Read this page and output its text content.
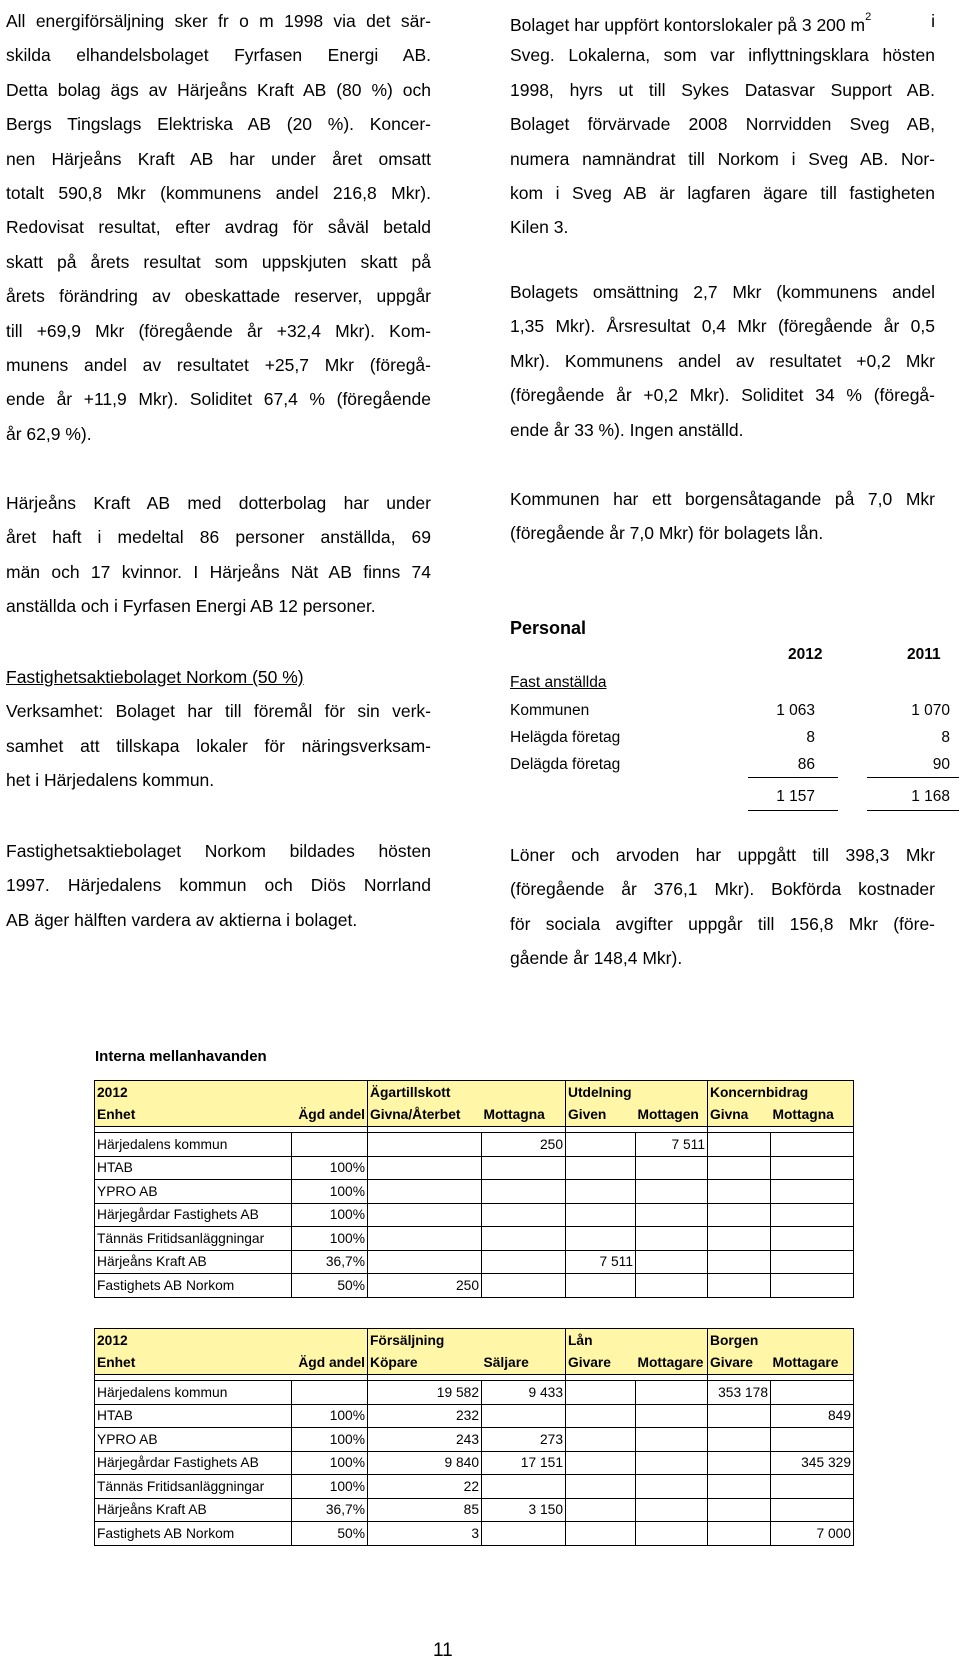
All energiförsäljning sker fr o m 1998 via det sär-
skilda elhandelsbolaget Fyrfasen Energi AB.
Detta bolag ägs av Härjeåns Kraft AB (80 %) och
Bergs Tingslags Elektriska AB (20 %). Koncer-
nen Härjeåns Kraft AB har under året omsatt
totalt 590,8 Mkr (kommunens andel 216,8 Mkr).
Redovisat resultat, efter avdrag för såväl betald
skatt på årets resultat som uppskjuten skatt på
årets förändring av obeskattade reserver, uppgår
till +69,9 Mkr (föregående år +32,4 Mkr). Kom-
munens andel av resultatet +25,7 Mkr (föregå-
ende år +11,9 Mkr). Soliditet 67,4 % (föregående
år 62,9 %).
Härjeåns Kraft AB med dotterbolag har under
året haft i medeltal 86 personer anställda, 69
män och 17 kvinnor. I Härjeåns Nät AB finns 74
anställda och i Fyrfasen Energi AB 12 personer.
Fastighetsaktiebolaget Norkom (50 %)
Verksamhet: Bolaget har till föremål för sin verk-
samhet att tillskapa lokaler för näringsverksam-
het i Härjedalens kommun.
Fastighetsaktiebolaget Norkom bildades hösten
1997. Härjedalens kommun och Diös Norrland
AB äger hälften vardera av aktierna i bolaget.
Bolaget har uppfört kontorslokaler på 3 200 $m^2$	i
Sveg. Lokalerna, som var inflyttningsklara hösten
1998, hyrs ut till Sykes Datasvar Support AB.
Bolaget förvärvade 2008 Norrvidden Sveg AB,
numera namnändrat till Norkom i Sveg AB. Nor-
kom i Sveg AB är lagfaren ägare till fastigheten
Kilen 3.
Bolagets omsättning 2,7 Mkr (kommunens andel
1,35 Mkr). Årsresultat 0,4 Mkr (föregående år 0,5
Mkr). Kommunens andel av resultatet +0,2 Mkr
(föregående år +0,2 Mkr). Soliditet 34 % (föregå-
ende år 33 %). Ingen anställd.
Kommunen har ett borgensåtagande på 7,0 Mkr
(föregående år 7,0 Mkr) för bolagets lån.
Löner och arvoden har uppgått till 398,3 Mkr
(föregående år 376,1 Mkr). Bokförda kostnader
för sociala avgifter uppgår till 156,8 Mkr (före-
gående år 148,4 Mkr).
Personal
2012	2011
Fast anställda
Kommunen	1 063	1 070
Helägda företag	8	8
Delägda företag	86	90
1 157	1 168
Interna mellanhavanden
2012		Ägartillskott		Utdelning		Koncernbidrag	
Enhet	Ägd andel	Givna/Återbet	Mottagna	Given	Mottagen	Givna	Mottagna

Härjedalens kommun			250		7 511		
HTAB	100%						
YPRO AB	100%						
Härjegårdar Fastighets AB	100%						
Tännäs Fritidsanläggningar	100%						
Härjeåns Kraft AB	36,7%			7 511			
Fastighets AB Norkom	50%	250					
2012		Försäljning		Lån		Borgen	
Enhet	Ägd andel	Köpare	Säljare	Givare	Mottagare	Givare	Mottagare

Härjedalens kommun		19 582	9 433			353 178	
HTAB	100%	232					849
YPRO AB	100%	243	273				
Härjegårdar Fastighets AB	100%	9 840	17 151				345 329
Tännäs Fritidsanläggningar	100%	22					
Härjeåns Kraft AB	36,7%	85	3 150				
Fastighets AB Norkom	50%	3					7 000
11
